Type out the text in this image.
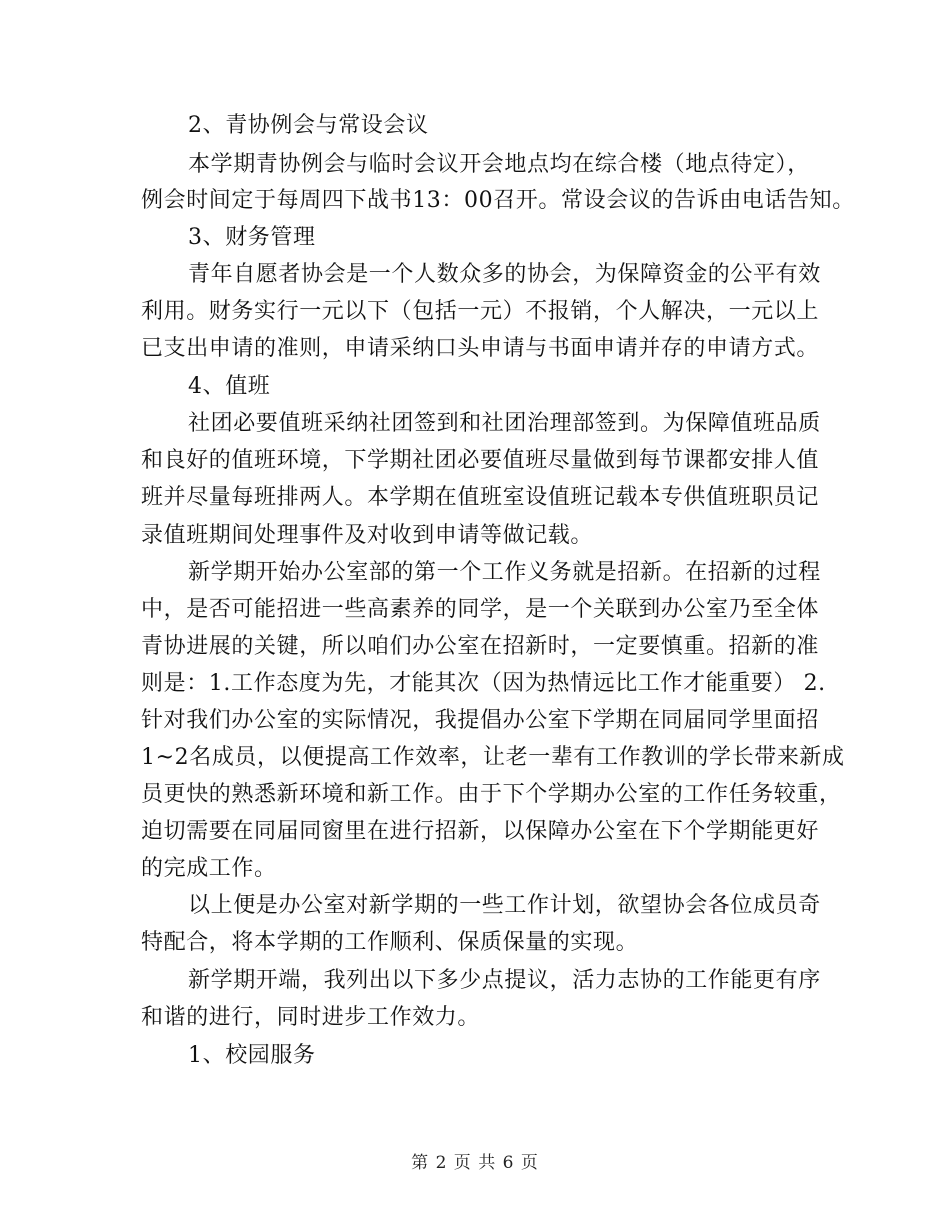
2、青协例会与常设会议
本学期青协例会与临时会议开会地点均在综合楼（地点待定），
例会时间定于每周四下战书13：00召开。常设会议的告诉由电话告知。
3、财务管理
青年自愿者协会是一个人数众多的协会，为保障资金的公平有效
利用。财务实行一元以下（包括一元）不报销，个人解决，一元以上
已支出申请的准则，申请采纳口头申请与书面申请并存的申请方式。
4、值班
社团必要值班采纳社团签到和社团治理部签到。为保障值班品质
和良好的值班环境，下学期社团必要值班尽量做到每节课都安排人值
班并尽量每班排两人。本学期在值班室设值班记载本专供值班职员记
录值班期间处理事件及对收到申请等做记载。
新学期开始办公室部的第一个工作义务就是招新。在招新的过程
中，是否可能招进一些高素养的同学，是一个关联到办公室乃至全体
青协进展的关键，所以咱们办公室在招新时，一定要慎重。招新的准
则是：1.工作态度为先，才能其次（因为热情远比工作才能重要） 2.
针对我们办公室的实际情况，我提倡办公室下学期在同届同学里面招
1~2名成员，以便提高工作效率，让老一辈有工作教训的学长带来新成
员更快的熟悉新环境和新工作。由于下个学期办公室的工作任务较重，
迫切需要在同届同窗里在进行招新，以保障办公室在下个学期能更好
的完成工作。
以上便是办公室对新学期的一些工作计划，欲望协会各位成员奇
特配合，将本学期的工作顺利、保质保量的实现。
新学期开端，我列出以下多少点提议，活力志协的工作能更有序
和谐的进行，同时进步工作效力。
1、校园服务
第 2 页 共 6 页
